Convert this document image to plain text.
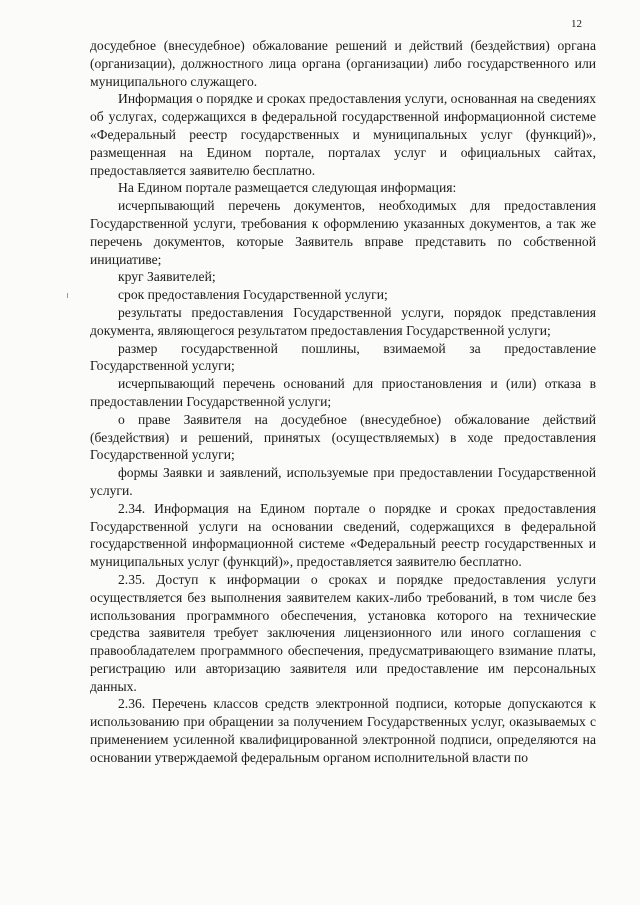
12

досудебное (внесудебное) обжалование решений и действий (бездействия) органа (организации), должностного лица органа (организации) либо государственного или муниципального служащего.

Информация о порядке и сроках предоставления услуги, основанная на сведениях об услугах, содержащихся в федеральной государственной информационной системе «Федеральный реестр государственных и муниципальных услуг (функций)», размещенная на Едином портале, порталах услуг и официальных сайтах, предоставляется заявителю бесплатно.

На Едином портале размещается следующая информация:

исчерпывающий перечень документов, необходимых для предоставления Государственной услуги, требования к оформлению указанных документов, а так же перечень документов, которые Заявитель вправе представить по собственной инициативе;

круг Заявителей;

срок предоставления Государственной услуги;

результаты предоставления Государственной услуги, порядок представления документа, являющегося результатом предоставления Государственной услуги;

размер государственной пошлины, взимаемой за предоставление Государственной услуги;

исчерпывающий перечень оснований для приостановления и (или) отказа в предоставлении Государственной услуги;

о праве Заявителя на досудебное (внесудебное) обжалование действий (бездействия) и решений, принятых (осуществляемых) в ходе предоставления Государственной услуги;

формы Заявки и заявлений, используемые при предоставлении Государственной услуги.

2.34. Информация на Едином портале о порядке и сроках предоставления Государственной услуги на основании сведений, содержащихся в федеральной государственной информационной системе «Федеральный реестр государственных и муниципальных услуг (функций)», предоставляется заявителю бесплатно.

2.35. Доступ к информации о сроках и порядке предоставления услуги осуществляется без выполнения заявителем каких-либо требований, в том числе без использования программного обеспечения, установка которого на технические средства заявителя требует заключения лицензионного или иного соглашения с правообладателем программного обеспечения, предусматривающего взимание платы, регистрацию или авторизацию заявителя или предоставление им персональных данных.

2.36. Перечень классов средств электронной подписи, которые допускаются к использованию при обращении за получением Государственных услуг, оказываемых с применением усиленной квалифицированной электронной подписи, определяются на основании утверждаемой федеральным органом исполнительной власти по
